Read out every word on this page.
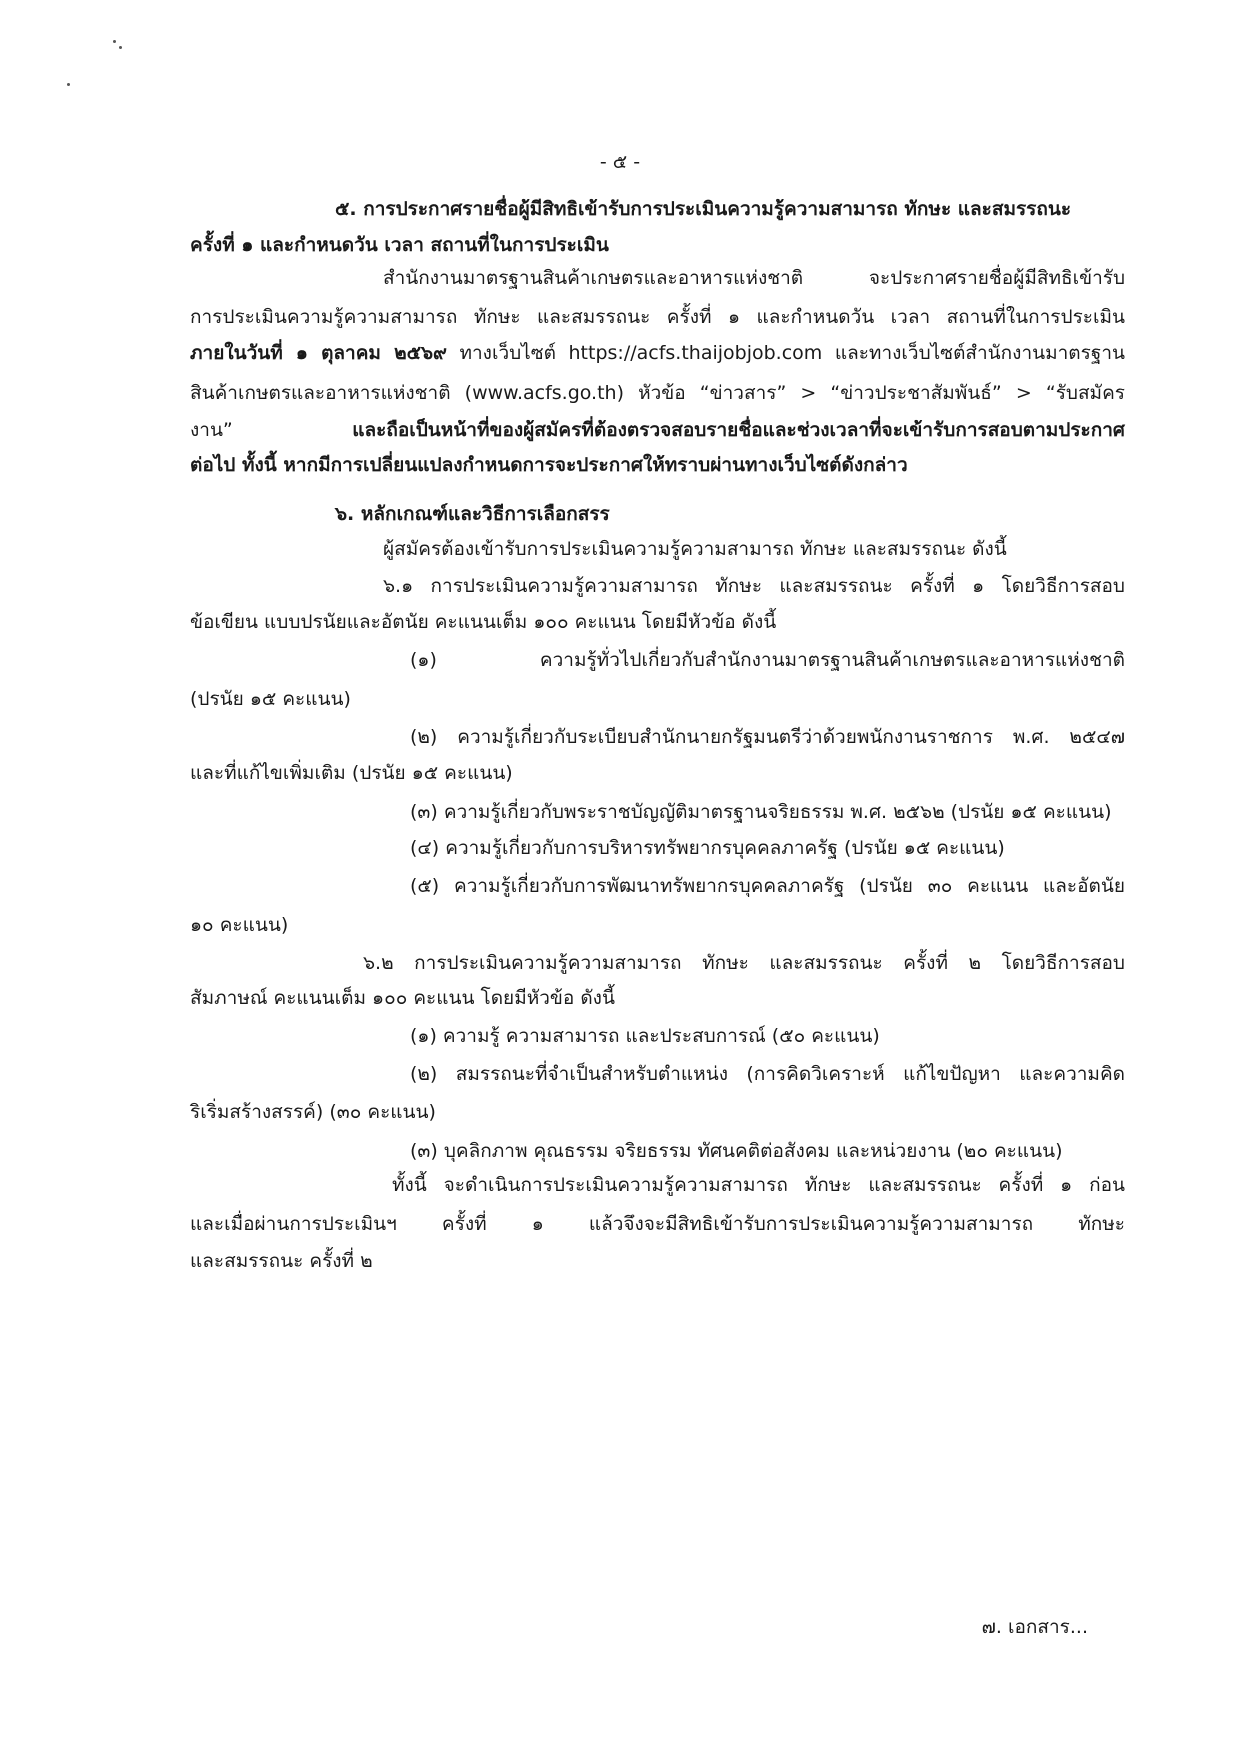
- ๕ -
๕. การประกาศรายชื่อผู้มีสิทธิเข้ารับการประเมินความรู้ความสามารถ ทักษะ และสมรรถนะ
ครั้งที่ ๑ และกำหนดวัน เวลา สถานที่ในการประเมิน
สำนักงานมาตรฐานสินค้าเกษตรและอาหารแห่งชาติ จะประกาศรายชื่อผู้มีสิทธิเข้ารับ
การประเมินความรู้ความสามารถ ทักษะ และสมรรถนะ ครั้งที่ ๑ และกำหนดวัน เวลา สถานที่ในการประเมิน
ภายในวันที่ ๑ ตุลาคม ๒๕๖๙ ทางเว็บไซต์ https://acfs.thaijobjob.com และทางเว็บไซต์สำนักงานมาตรฐาน
สินค้าเกษตรและอาหารแห่งชาติ (www.acfs.go.th) หัวข้อ “ข่าวสาร” > “ข่าวประชาสัมพันธ์” > “รับสมัคร
งาน” และถือเป็นหน้าที่ของผู้สมัครที่ต้องตรวจสอบรายชื่อและช่วงเวลาที่จะเข้ารับการสอบตามประกาศ
ต่อไป ทั้งนี้ หากมีการเปลี่ยนแปลงกำหนดการจะประกาศให้ทราบผ่านทางเว็บไซต์ดังกล่าว
๖. หลักเกณฑ์และวิธีการเลือกสรร
ผู้สมัครต้องเข้ารับการประเมินความรู้ความสามารถ ทักษะ และสมรรถนะ ดังนี้
๖.๑ การประเมินความรู้ความสามารถ ทักษะ และสมรรถนะ ครั้งที่ ๑ โดยวิธีการสอบ
ข้อเขียน แบบปรนัยและอัตนัย คะแนนเต็ม ๑๐๐ คะแนน โดยมีหัวข้อ ดังนี้
(๑) ความรู้ทั่วไปเกี่ยวกับสำนักงานมาตรฐานสินค้าเกษตรและอาหารแห่งชาติ
(ปรนัย ๑๕ คะแนน)
(๒) ความรู้เกี่ยวกับระเบียบสำนักนายกรัฐมนตรีว่าด้วยพนักงานราชการ พ.ศ. ๒๕๔๗
และที่แก้ไขเพิ่มเติม (ปรนัย ๑๕ คะแนน)
(๓) ความรู้เกี่ยวกับพระราชบัญญัติมาตรฐานจริยธรรม พ.ศ. ๒๕๖๒ (ปรนัย ๑๕ คะแนน)
(๔) ความรู้เกี่ยวกับการบริหารทรัพยากรบุคคลภาครัฐ (ปรนัย ๑๕ คะแนน)
(๕) ความรู้เกี่ยวกับการพัฒนาทรัพยากรบุคคลภาครัฐ (ปรนัย ๓๐ คะแนน และอัตนัย
๑๐ คะแนน)
๖.๒ การประเมินความรู้ความสามารถ ทักษะ และสมรรถนะ ครั้งที่ ๒ โดยวิธีการสอบ
สัมภาษณ์ คะแนนเต็ม ๑๐๐ คะแนน โดยมีหัวข้อ ดังนี้
(๑) ความรู้ ความสามารถ และประสบการณ์ (๕๐ คะแนน)
(๒) สมรรถนะที่จำเป็นสำหรับตำแหน่ง (การคิดวิเคราะห์ แก้ไขปัญหา และความคิด
ริเริ่มสร้างสรรค์) (๓๐ คะแนน)
(๓) บุคลิกภาพ คุณธรรม จริยธรรม ทัศนคติต่อสังคม และหน่วยงาน (๒๐ คะแนน)
ทั้งนี้ จะดำเนินการประเมินความรู้ความสามารถ ทักษะ และสมรรถนะ ครั้งที่ ๑ ก่อน
และเมื่อผ่านการประเมินฯ ครั้งที่ ๑ แล้วจึงจะมีสิทธิเข้ารับการประเมินความรู้ความสามารถ ทักษะ
และสมรรถนะ ครั้งที่ ๒
๗. เอกสาร...
